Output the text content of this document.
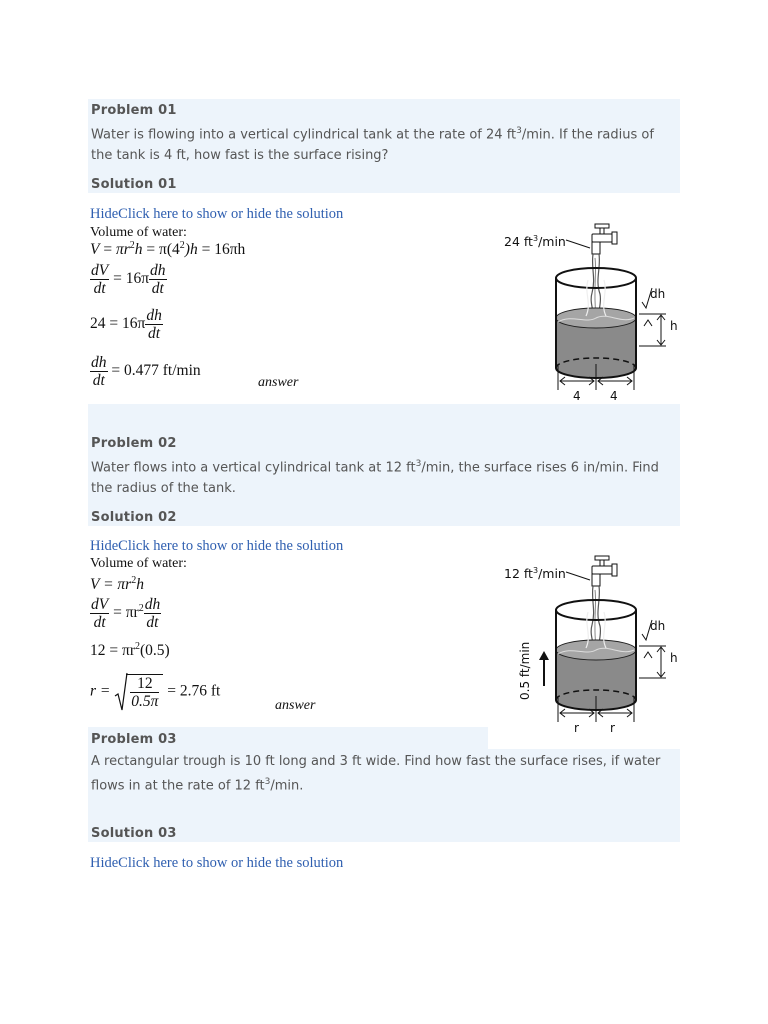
Problem 01
Water is flowing into a vertical cylindrical tank at the rate of 24 $ft^3/\min$. If the radius of
the tank is 4 ft, how fast is the surface rising?
Solution 01
HideClick here to show or hide the solution
Volume of water:
$V = \pi r^2h = \pi(4^2)h = 16\pi h$
$\frac{dV}{dt} = 16\pi \frac{dh}{dt}$
$24 = 16\pi \frac{dh}{dt}$
$\frac{dh}{dt} = 0.477$ ft/min
answer
24 $ft^3/\min$
dh
h
4 4
Problem 02
Water flows into a vertical cylindrical tank at 12 $ft^3/\min$, the surface rises 6 in/min. Find
the radius of the tank.
Solution 02
HideClick here to show or hide the solution
Volume of water:
$V = \pi r^2h$
$\frac{dV}{dt} = \pi r^2 \frac{dh}{dt}$
$12 = \pi r^2(0.5)$
$r = \frac{12}{0.5\pi} = 2.76$ ft
answer
12 $ft^3/\min$
0.5 ft/min
dh
h
r	r
Problem 03
A rectangular trough is 10 ft long and 3 ft wide. Find how fast the surface rises, if water
flows in at the rate of 12 $ft^3/\min$.
Solution 03
HideClick here to show or hide the solution
